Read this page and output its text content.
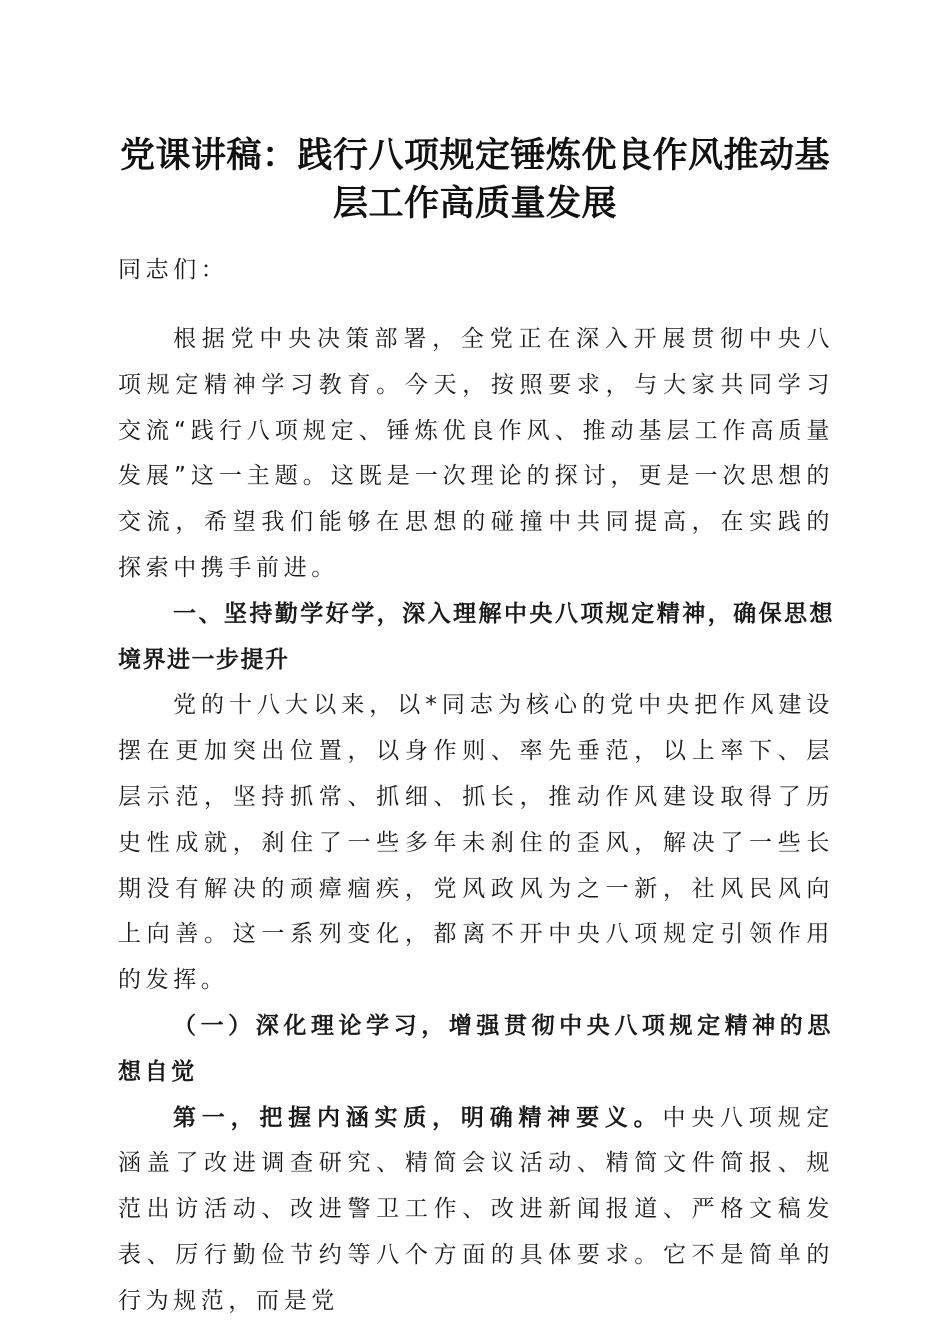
党课讲稿：践行八项规定锤炼优良作风推动基
层工作高质量发展

同志们：

根据党中央决策部署，全党正在深入开展贯彻中央八项规定精神学习教育。今天，按照要求，与大家共同学习交流“践行八项规定、锤炼优良作风、推动基层工作高质量发展”这一主题。这既是一次理论的探讨，更是一次思想的交流，希望我们能够在思想的碰撞中共同提高，在实践的探索中携手前进。

一、坚持勤学好学，深入理解中央八项规定精神，确保思想境界进一步提升

党的十八大以来，以*同志为核心的党中央把作风建设摆在更加突出位置，以身作则、率先垂范，以上率下、层层示范，坚持抓常、抓细、抓长，推动作风建设取得了历史性成就，刹住了一些多年未刹住的歪风，解决了一些长期没有解决的顽瘴痼疾，党风政风为之一新，社风民风向上向善。这一系列变化，都离不开中央八项规定引领作用的发挥。

（一）深化理论学习，增强贯彻中央八项规定精神的思想自觉

第一，把握内涵实质，明确精神要义。中央八项规定涵盖了改进调查研究、精简会议活动、精简文件简报、规范出访活动、改进警卫工作、改进新闻报道、严格文稿发表、厉行勤俭节约等八个方面的具体要求。它不是简单的行为规范，而是党
